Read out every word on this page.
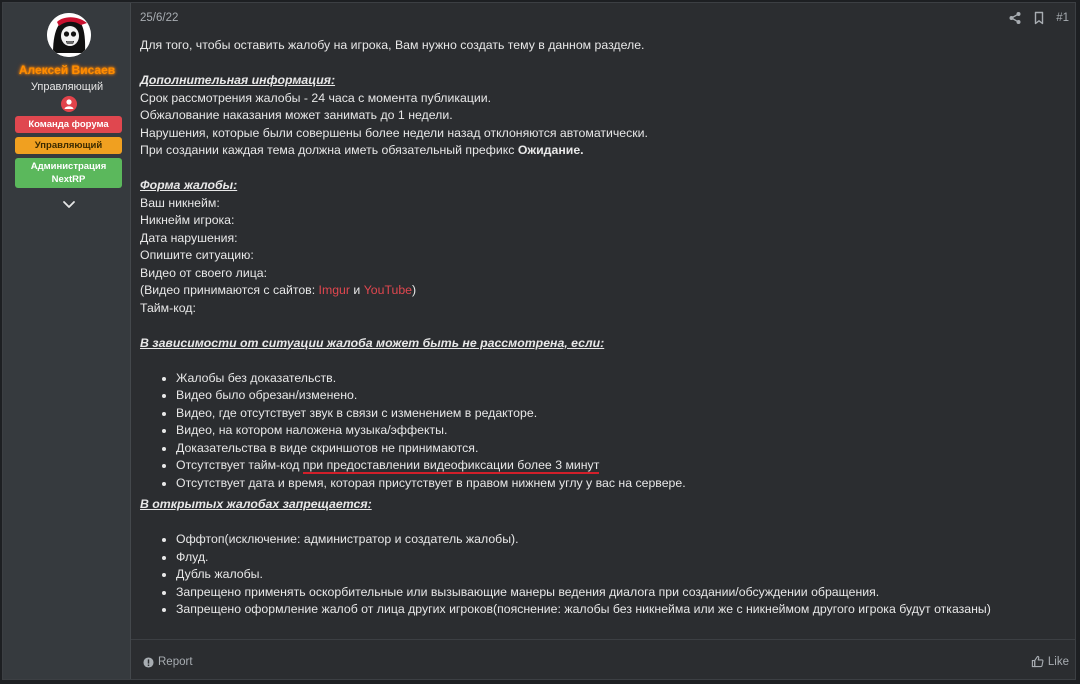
Алексей Висаев
Управляющий
Команда форума
Управляющий
Администрация
NextRP
25/6/22	#1
Для того, чтобы оставить жалобу на игрока, Вам нужно создать тему в данном разделе.
Дополнительная информация:
Срок рассмотрения жалобы - 24 часа с момента публикации.
Обжалование наказания может занимать до 1 недели.
Нарушения, которые были совершены более недели назад отклоняются автоматически.
При создании каждая тема должна иметь обязательный префикс Ожидание.
Форма жалобы:
Ваш никнейм:
Никнейм игрока:
Дата нарушения:
Опишите ситуацию:
Видео от своего лица:
(Видео принимаются с сайтов: Imgur и YouTube)
Тайм-код:
В зависимости от ситуации жалоба может быть не рассмотрена, если:
• Жалобы без доказательств.
• Видео было обрезан/изменено.
• Видео, где отсутствует звук в связи с изменением в редакторе.
• Видео, на котором наложена музыка/эффекты.
• Доказательства в виде скриншотов не принимаются.
• Отсутствует тайм-код при предоставлении видеофиксации более 3 минут
• Отсутствует дата и время, которая присутствует в правом нижнем углу у вас на сервере.
В открытых жалобах запрещается:
• Оффтоп(исключение: администратор и создатель жалобы).
• Флуд.
• Дубль жалобы.
• Запрещено применять оскорбительные или вызывающие манеры ведения диалога при создании/обсуждении обращения.
• Запрещено оформление жалоб от лица других игроков(пояснение: жалобы без никнейма или же с никнеймом другого игрока будут отказаны)
Report	Like
